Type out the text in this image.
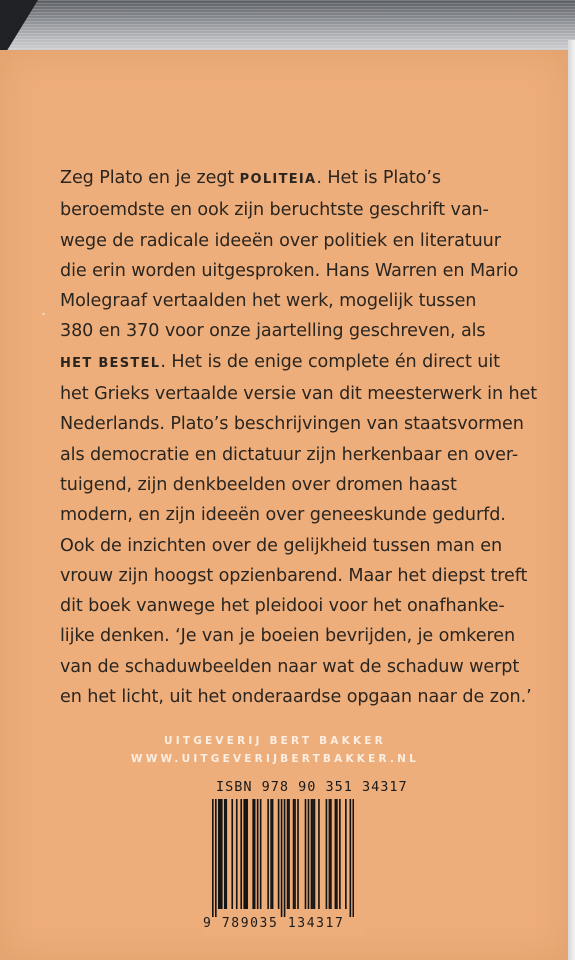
Zeg Plato en je zegt POLITEIA. Het is Plato’s
beroemdste en ook zijn beruchtste geschrift van-
wege de radicale ideeën over politiek en literatuur
die erin worden uitgesproken. Hans Warren en Mario
Molegraaf vertaalden het werk, mogelijk tussen
380 en 370 voor onze jaartelling geschreven, als
HET BESTEL. Het is de enige complete én direct uit
het Grieks vertaalde versie van dit meesterwerk in het
Nederlands. Plato’s beschrijvingen van staatsvormen
als democratie en dictatuur zijn herkenbaar en over-
tuigend, zijn denkbeelden over dromen haast
modern, en zijn ideeën over geneeskunde gedurfd.
Ook de inzichten over de gelijkheid tussen man en
vrouw zijn hoogst opzienbarend. Maar het diepst treft
dit boek vanwege het pleidooi voor het onafhanke-
lijke denken. ‘Je van je boeien bevrijden, je omkeren
van de schaduwbeelden naar wat de schaduw werpt
en het licht, uit het onderaardse opgaan naar de zon.’

UITGEVERIJ BERT BAKKER
WWW.UITGEVERIJBERTBAKKER.NL
ISBN 978 90 351 34317
9 789035 134317
